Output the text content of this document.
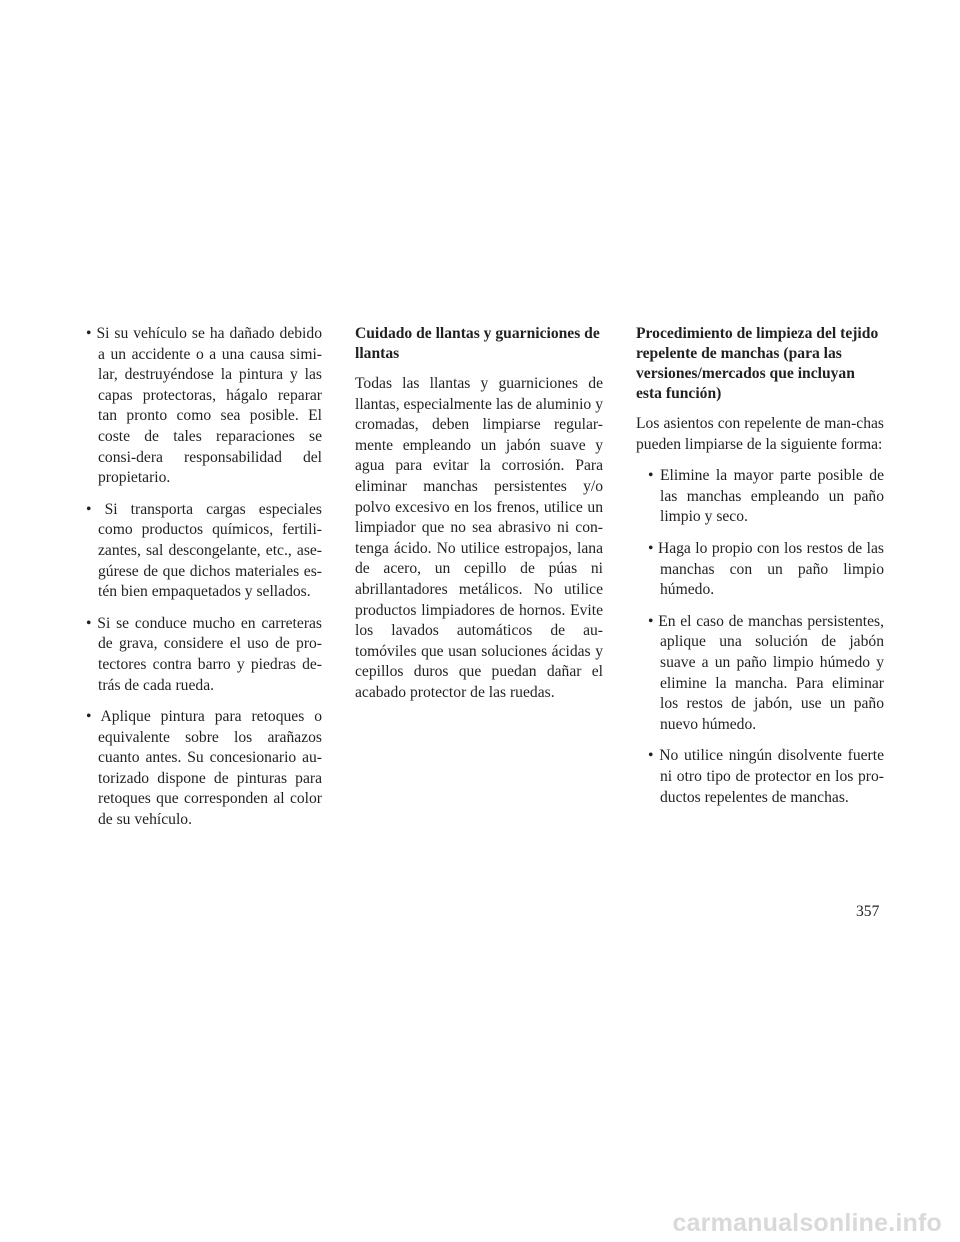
• Si su vehículo se ha dañado debido a un accidente o a una causa simi-lar, destruyéndose la pintura y las capas protectoras, hágalo reparar tan pronto como sea posible. El coste de tales reparaciones se consi-dera responsabilidad del propietario.
• Si transporta cargas especiales como productos químicos, fertili-zantes, sal descongelante, etc., ase-gúrese de que dichos materiales es-tén bien empaquetados y sellados.
• Si se conduce mucho en carreteras de grava, considere el uso de pro-tectores contra barro y piedras de-trás de cada rueda.
• Aplique pintura para retoques o equivalente sobre los arañazos cuanto antes. Su concesionario au-torizado dispone de pinturas para retoques que corresponden al color de su vehículo.
Cuidado de llantas y guarniciones de llantas

Todas las llantas y guarniciones de llantas, especialmente las de aluminio y cromadas, deben limpiarse regular-mente empleando un jabón suave y agua para evitar la corrosión. Para eliminar manchas persistentes y/o polvo excesivo en los frenos, utilice un limpiador que no sea abrasivo ni con-tenga ácido. No utilice estropajos, lana de acero, un cepillo de púas ni abrillantadores metálicos. No utilice productos limpiadores de hornos. Evite los lavados automáticos de au-tomóviles que usan soluciones ácidas y cepillos duros que puedan dañar el acabado protector de las ruedas.

Procedimiento de limpieza del tejido repelente de manchas (para las versiones/mercados que incluyan esta función)

Los asientos con repelente de man-chas pueden limpiarse de la siguiente forma:

• Elimine la mayor parte posible de las manchas empleando un paño limpio y seco.
• Haga lo propio con los restos de las manchas con un paño limpio húmedo.
• En el caso de manchas persistentes, aplique una solución de jabón suave a un paño limpio húmedo y elimine la mancha. Para eliminar los restos de jabón, use un paño nuevo húmedo.
• No utilice ningún disolvente fuerte ni otro tipo de protector en los pro-ductos repelentes de manchas.
357
carmanualsonline.info
